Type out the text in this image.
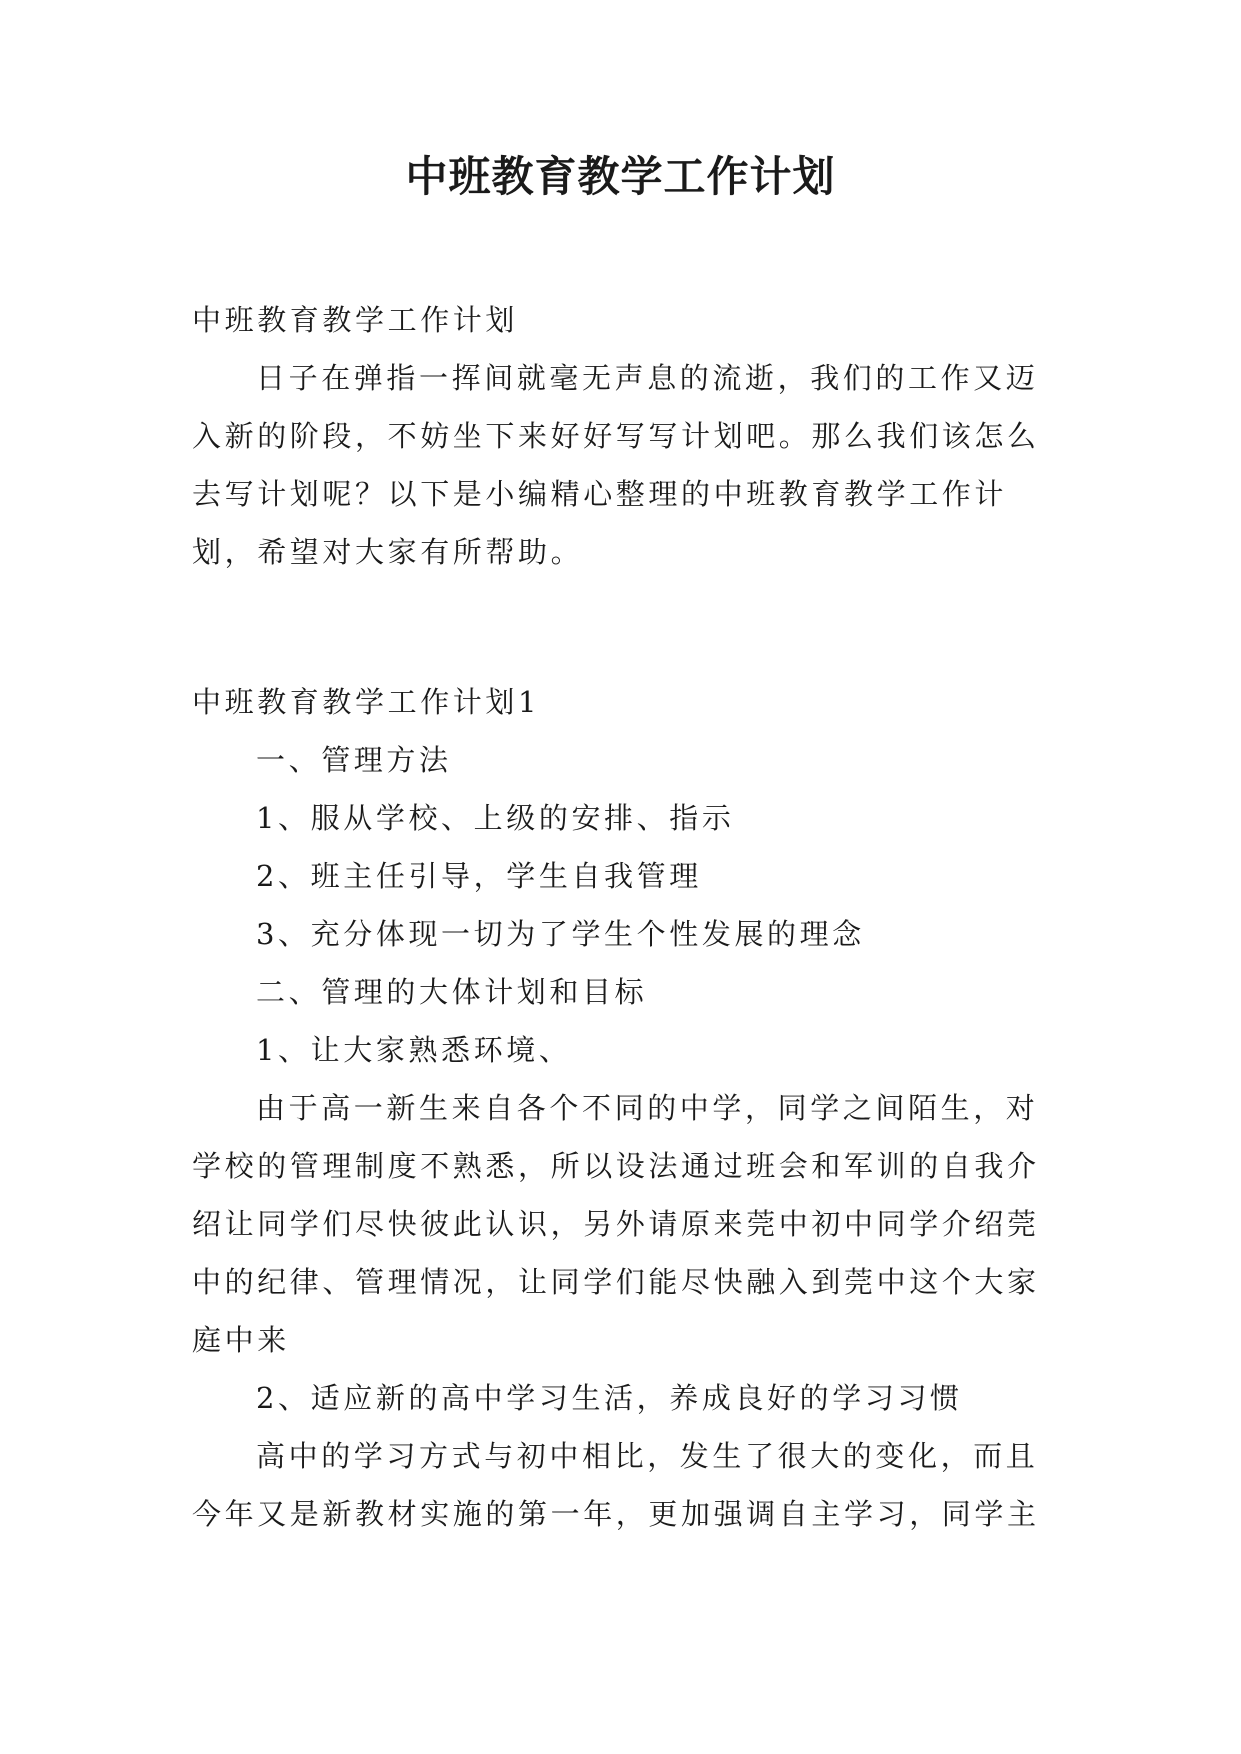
中班教育教学工作计划

中班教育教学工作计划

日子在弹指一挥间就毫无声息的流逝，我们的工作又迈入新的阶段，不妨坐下来好好写写计划吧。那么我们该怎么去写计划呢？以下是小编精心整理的中班教育教学工作计划，希望对大家有所帮助。

中班教育教学工作计划1

一、管理方法

1、服从学校、上级的安排、指示

2、班主任引导，学生自我管理

3、充分体现一切为了学生个性发展的理念

二、管理的大体计划和目标

1、让大家熟悉环境、

由于高一新生来自各个不同的中学，同学之间陌生，对学校的管理制度不熟悉，所以设法通过班会和军训的自我介绍让同学们尽快彼此认识，另外请原来莞中初中同学介绍莞中的纪律、管理情况，让同学们能尽快融入到莞中这个大家庭中来

2、适应新的高中学习生活，养成良好的学习习惯

高中的学习方式与初中相比，发生了很大的变化，而且今年又是新教材实施的第一年，更加强调自主学习，同学主
